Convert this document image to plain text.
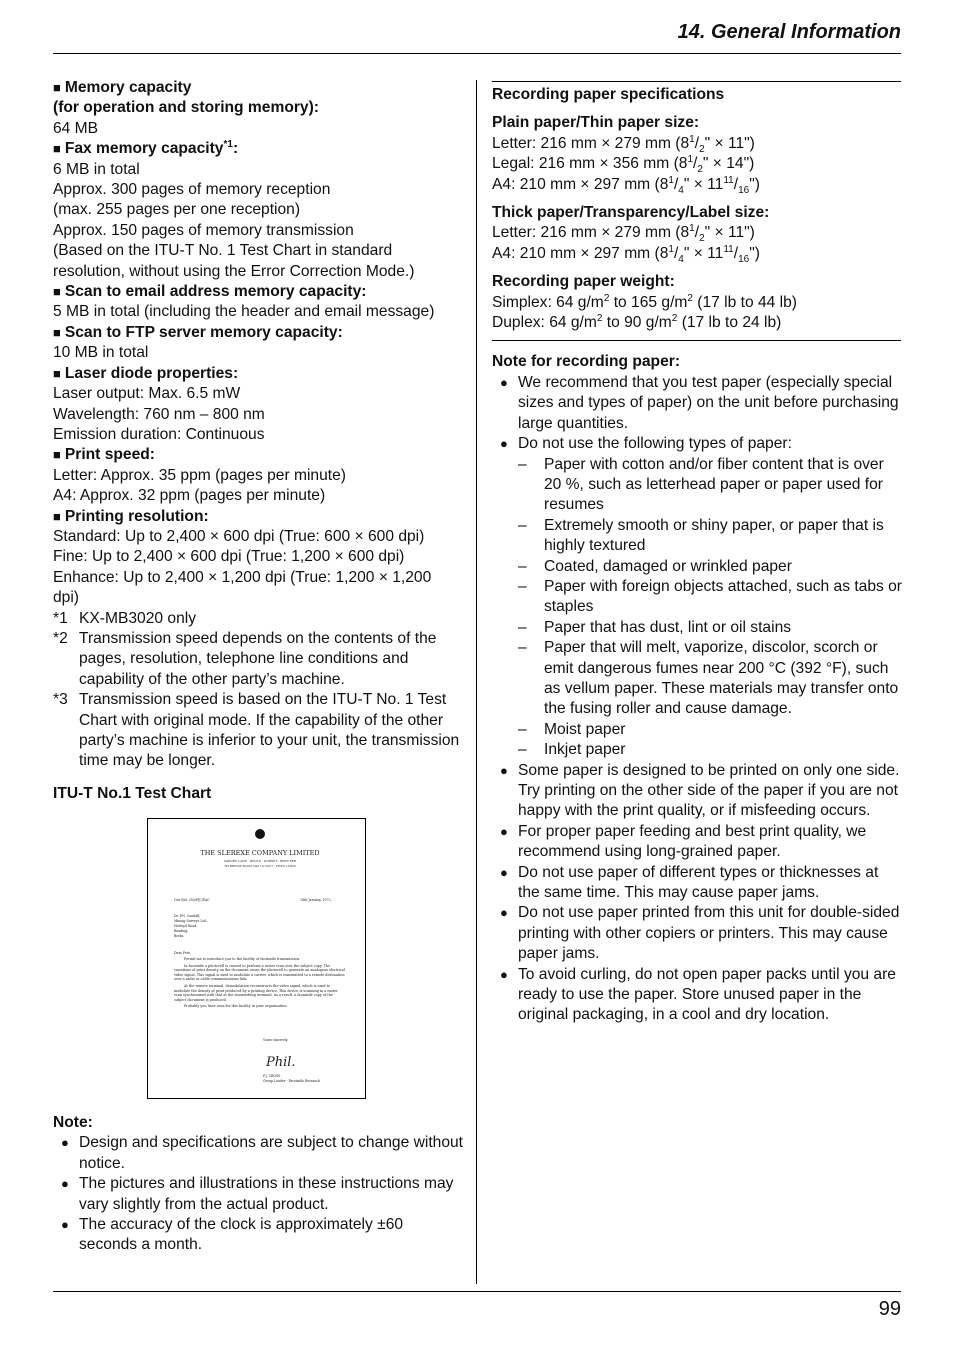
14. General Information
■ Memory capacity
(for operation and storing memory):
64 MB
■ Fax memory capacity$^{*1}$:
6 MB in total
Approx. 300 pages of memory reception
(max. 255 pages per one reception)
Approx. 150 pages of memory transmission
(Based on the ITU-T No. 1 Test Chart in standard
resolution, without using the Error Correction Mode.)
■ Scan to email address memory capacity:
5 MB in total (including the header and email message)
■ Scan to FTP server memory capacity:
10 MB in total
■ Laser diode properties:
Laser output: Max. 6.5 mW
Wavelength: 760 nm – 800 nm
Emission duration: Continuous
■ Print speed:
Letter: Approx. 35 ppm (pages per minute)
A4: Approx. 32 ppm (pages per minute)
■ Printing resolution:
Standard: Up to 2,400 × 600 dpi (True: 600 × 600 dpi)
Fine: Up to 2,400 × 600 dpi (True: 1,200 × 600 dpi)
Enhance: Up to 2,400 × 1,200 dpi (True: 1,200 × 1,200
dpi)
*1 KX-MB3020 only
*2 Transmission speed depends on the contents of the pages, resolution, telephone line conditions and capability of the other party’s machine.
*3 Transmission speed is based on the ITU-T No. 1 Test Chart with original mode. If the capability of the other party’s machine is inferior to your unit, the transmission time may be longer.
ITU-T No.1 Test Chart
THE SLEREXE COMPANY LIMITED
SAPORS LANE · BOOLE · DORSET · BH25 8ER
TELEPHONE BOOLE (945 13) 51617 · TELEX 123456
Our Ref. 350/PJC/EAC	18th January, 1972.
Dr. P.N. Cundall,
Mining Surveys Ltd.,
Holroyd Road,
Reading,
Berks.
Dear Pete,
Permit me to introduce you to the facility of facsimile transmission.
In facsimile a photocell is caused to perform a raster scan over the subject copy. The variations of print density on the document cause the photocell to generate an analogous electrical video signal. This signal is used to modulate a carrier, which is transmitted to a remote destination over a radio or cable communications link.
At the remote terminal, demodulation reconstructs the video signal, which is used to modulate the density of print produced by a printing device. This device is scanning in a raster scan synchronised with that at the transmitting terminal. As a result, a facsimile copy of the subject document is produced.
Probably you have uses for this facility in your organisation.
Yours sincerely,
Phil.
P.J. CROSS
Group Leader - Facsimile Research
Note:
● Design and specifications are subject to change without notice.
● The pictures and illustrations in these instructions may vary slightly from the actual product.
● The accuracy of the clock is approximately ±60 seconds a month.
Recording paper specifications
Plain paper/Thin paper size:
Letter: 216 mm × 279 mm ($8^1/_2$" × 11")
Legal: 216 mm × 356 mm ($8^1/_2$" × 14")
A4: 210 mm × 297 mm ($8^1/_4$" × $11^{11}/_{16}$")
Thick paper/Transparency/Label size:
Letter: 216 mm × 279 mm ($8^1/_2$" × 11")
A4: 210 mm × 297 mm ($8^1/_4$" × $11^{11}/_{16}$")
Recording paper weight:
Simplex: 64 $g/m^2$ to 165 $g/m^2$ (17 lb to 44 lb)
Duplex: 64 $g/m^2$ to 90 $g/m^2$ (17 lb to 24 lb)
Note for recording paper:
● We recommend that you test paper (especially special sizes and types of paper) on the unit before purchasing large quantities.
● Do not use the following types of paper:
–	Paper with cotton and/or fiber content that is over 20 %, such as letterhead paper or paper used for resumes
–	Extremely smooth or shiny paper, or paper that is highly textured
–	Coated, damaged or wrinkled paper
–	Paper with foreign objects attached, such as tabs or staples
–	Paper that has dust, lint or oil stains
–	Paper that will melt, vaporize, discolor, scorch or emit dangerous fumes near 200 °C (392 °F), such as vellum paper. These materials may transfer onto the fusing roller and cause damage.
–	Moist paper
–	Inkjet paper
● Some paper is designed to be printed on only one side. Try printing on the other side of the paper if you are not happy with the print quality, or if misfeeding occurs.
● For proper paper feeding and best print quality, we recommend using long-grained paper.
● Do not use paper of different types or thicknesses at the same time. This may cause paper jams.
● Do not use paper printed from this unit for double-sided printing with other copiers or printers. This may cause paper jams.
● To avoid curling, do not open paper packs until you are ready to use the paper. Store unused paper in the original packaging, in a cool and dry location.
99
